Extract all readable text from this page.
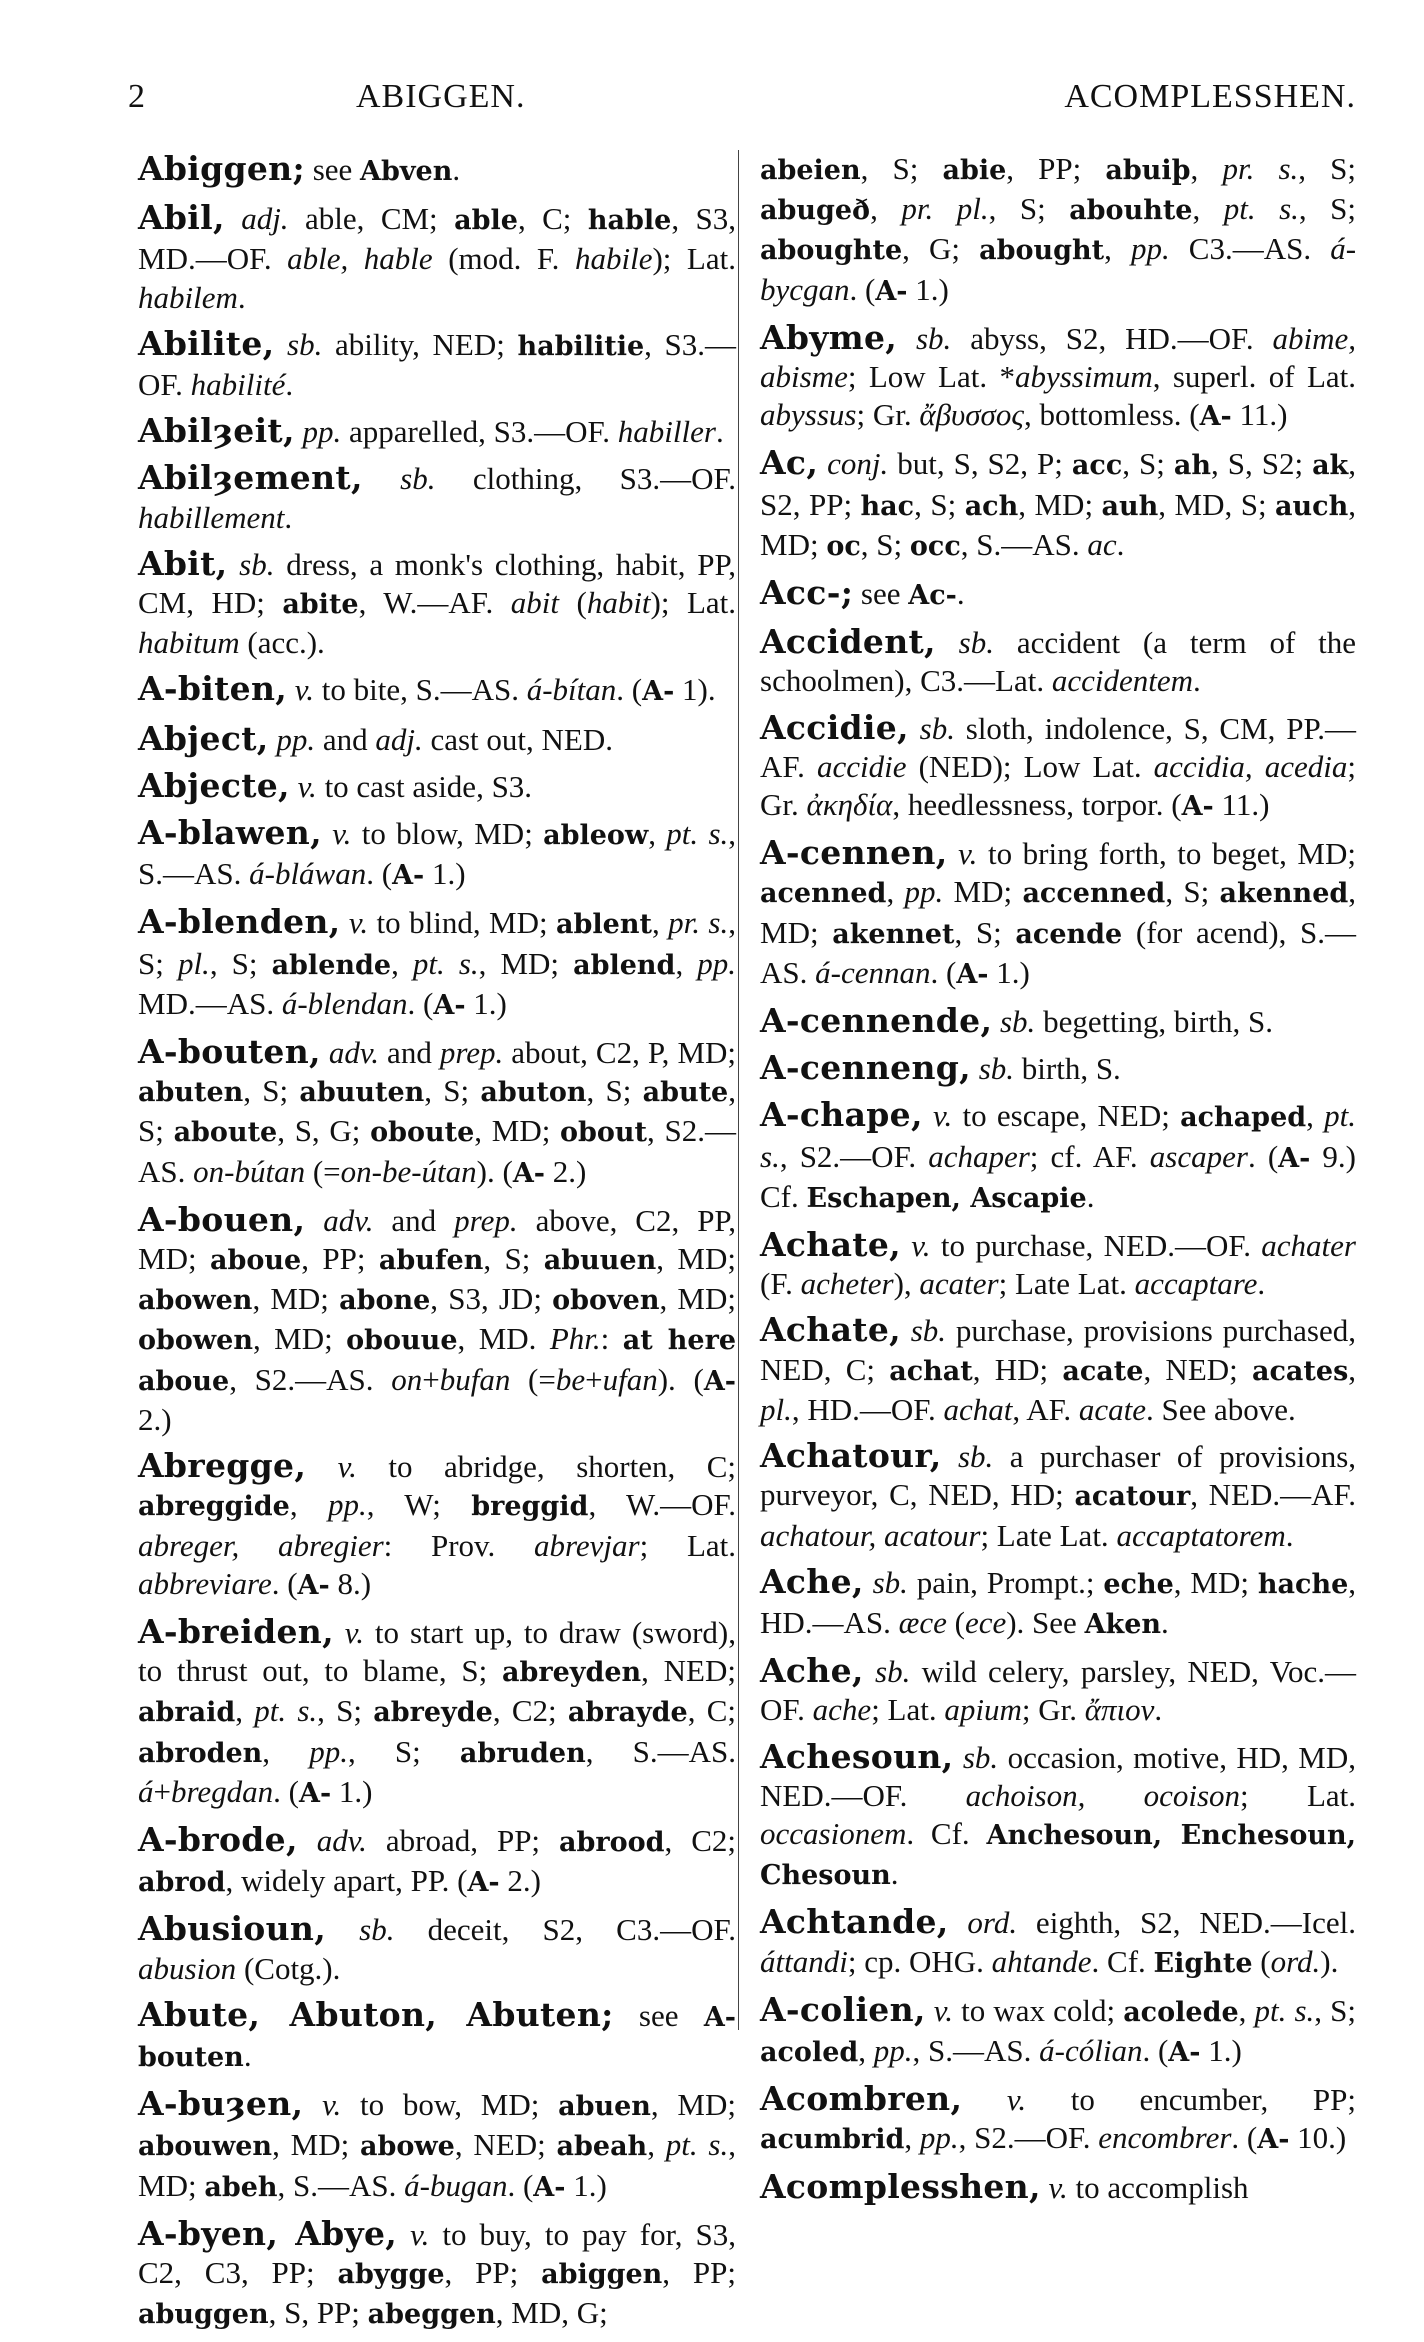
2	ABIGGEN.	ACOMPLESSHEN.
Abiggen; see Abven.
Abil, adj. able, CM; able, C; hable, S3, MD.—OF. able, hable (mod. F. habile); Lat. habilem.
Abilite, sb. ability, NED; habilitie, S3.—OF. habilité.
Abilȝeit, pp. apparelled, S3.—OF. habiller.
Abilȝement, sb. clothing, S3.—OF. habillement.
Abit, sb. dress, a monk's clothing, habit, PP, CM, HD; abite, W.—AF. abit (habit); Lat. habitum (acc.).
A-biten, v. to bite, S.—AS. á-bítan. (A- 1).
Abject, pp. and adj. cast out, NED.
Abjecte, v. to cast aside, S3.
A-blawen, v. to blow, MD; ableow, pt. s., S.—AS. á-bláwan. (A- 1.)
A-blenden, v. to blind, MD; ablent, pr. s., S; pl., S; ablende, pt. s., MD; ablend, pp. MD.—AS. á-blendan. (A- 1.)
A-bouten, adv. and prep. about, C2, P, MD; abuten, S; abuuten, S; abuton, S; abute, S; aboute, S, G; oboute, MD; obout, S2.—AS. on-bútan (=on-be-útan). (A- 2.)
A-bouen, adv. and prep. above, C2, PP, MD; aboue, PP; abufen, S; abuuen, MD; abowen, MD; abone, S3, JD; oboven, MD; obowen, MD; obouue, MD. Phr.: at here aboue, S2.—AS. on+bufan (=be+ufan). (A- 2.)
Abregge, v. to abridge, shorten, C; abreggide, pp., W; breggid, W.—OF. abreger, abregier: Prov. abrevjar; Lat. abbreviare. (A- 8.)
A-breiden, v. to start up, to draw (sword), to thrust out, to blame, S; abreyden, NED; abraid, pt. s., S; abreyde, C2; abrayde, C; abroden, pp., S; abruden, S.—AS. á+bregdan. (A- 1.)
A-brode, adv. abroad, PP; abrood, C2; abrod, widely apart, PP. (A- 2.)
Abusioun, sb. deceit, S2, C3.—OF. abusion (Cotg.).
Abute, Abuton, Abuten; see A-bouten.
A-buȝen, v. to bow, MD; abuen, MD; abouwen, MD; abowe, NED; abeah, pt. s., MD; abeh, S.—AS. á-bugan. (A- 1.)
A-byen, Abye, v. to buy, to pay for, S3, C2, C3, PP; abygge, PP; abiggen, PP; abuggen, S, PP; abeggen, MD, G;
abeien, S; abie, PP; abuiþ, pr. s., S; abugeð, pr. pl., S; abouhte, pt. s., S; aboughte, G; abought, pp. C3.—AS. á-bycgan. (A- 1.)
Abyme, sb. abyss, S2, HD.—OF. abime, abisme; Low Lat. *abyssimum, superl. of Lat. abyssus; Gr. ἄβυσσος, bottomless. (A- 11.)
Ac, conj. but, S, S2, P; acc, S; ah, S, S2; ak, S2, PP; hac, S; ach, MD; auh, MD, S; auch, MD; oc, S; occ, S.—AS. ac.
Acc-; see Ac-.
Accident, sb. accident (a term of the schoolmen), C3.—Lat. accidentem.
Accidie, sb. sloth, indolence, S, CM, PP.—AF. accidie (NED); Low Lat. accidia, acedia; Gr. ἀκηδία, heedlessness, torpor. (A- 11.)
A-cennen, v. to bring forth, to beget, MD; acenned, pp. MD; accenned, S; akenned, MD; akennet, S; acende (for acend), S.—AS. á-cennan. (A- 1.)
A-cennende, sb. begetting, birth, S.
A-cenneng, sb. birth, S.
A-chape, v. to escape, NED; achaped, pt. s., S2.—OF. achaper; cf. AF. ascaper. (A- 9.) Cf. Eschapen, Ascapie.
Achate, v. to purchase, NED.—OF. achater (F. acheter), acater; Late Lat. accaptare.
Achate, sb. purchase, provisions purchased, NED, C; achat, HD; acate, NED; acates, pl., HD.—OF. achat, AF. acate. See above.
Achatour, sb. a purchaser of provisions, purveyor, C, NED, HD; acatour, NED.—AF. achatour, acatour; Late Lat. accaptatorem.
Ache, sb. pain, Prompt.; eche, MD; hache, HD.—AS. æce (ece). See Aken.
Ache, sb. wild celery, parsley, NED, Voc.—OF. ache; Lat. apium; Gr. ἄπιον.
Achesoun, sb. occasion, motive, HD, MD, NED.—OF. achoison, ocoison; Lat. occasionem. Cf. Anchesoun, Enchesoun, Chesoun.
Achtande, ord. eighth, S2, NED.—Icel. áttandi; cp. OHG. ahtande. Cf. Eighte (ord.).
A-colien, v. to wax cold; acolede, pt. s., S; acoled, pp., S.—AS. á-cólian. (A- 1.)
Acombren, v. to encumber, PP; acumbrid, pp., S2.—OF. encombrer. (A- 10.)
Acomplesshen, v. to accomplish
